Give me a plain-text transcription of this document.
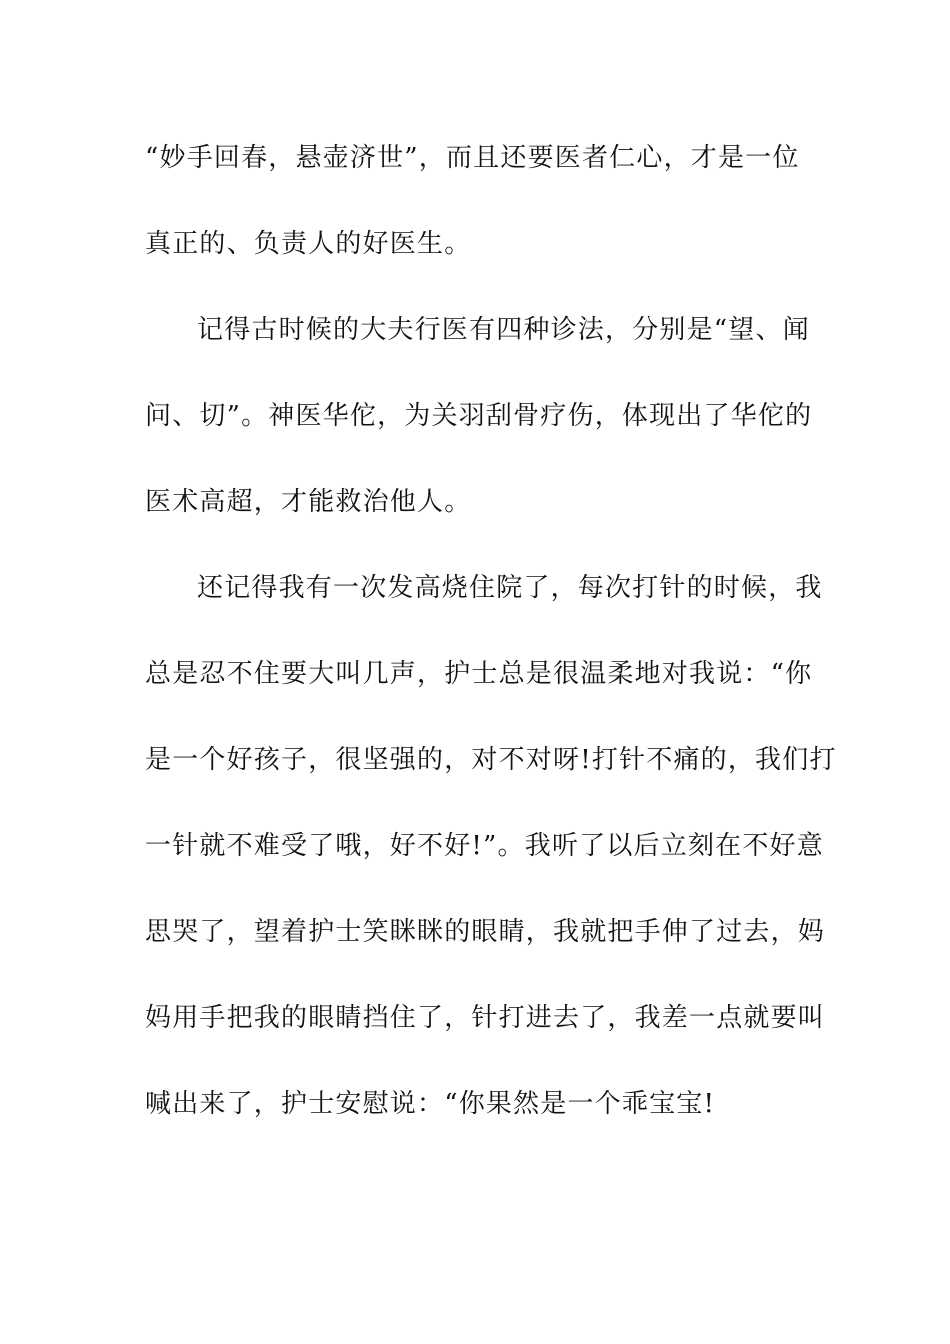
“妙手回春，悬壶济世”，而且还要医者仁心，才是一位
真正的、负责人的好医生。
记得古时候的大夫行医有四种诊法，分别是“望、闻
问、切”。神医华佗，为关羽刮骨疗伤，体现出了华佗的
医术高超，才能救治他人。
还记得我有一次发高烧住院了，每次打针的时候，我
总是忍不住要大叫几声，护士总是很温柔地对我说：“你
是一个好孩子，很坚强的，对不对呀!打针不痛的，我们打
一针就不难受了哦，好不好!”。我听了以后立刻在不好意
思哭了，望着护士笑眯眯的眼睛，我就把手伸了过去，妈
妈用手把我的眼睛挡住了，针打进去了，我差一点就要叫
喊出来了，护士安慰说：“你果然是一个乖宝宝!
